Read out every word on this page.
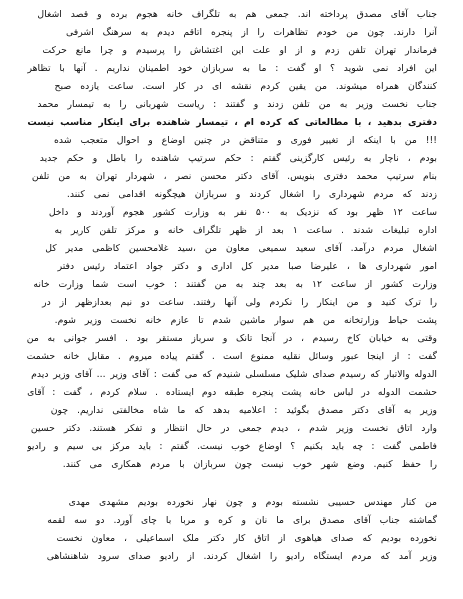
جناب آقای مصدق پرداخته اند. جمعی هم به تلگراف خانه هجوم برده و قصد اشغال
آنرا دارند. چون من خودم تظاهرات را از پنجره اتاقم دیدم به سرهنگ اشرفی
فرماندار تهران تلفن زدم و از او علت این اغتشاش را پرسیدم و چرا مانع حرکت
این افراد نمی شوید ؟ او گفت : ما به سربازان خود اطمینان نداریم . آنها با تظاهر
کنندگان همراه میشوند. من یقین کردم نقشه ای در کار است. ساعت یازده صبح
جناب نخست وزیر به من تلفن زدند و گفتند : ریاست شهربانی را به تیمسار محمد
دفتری بدهید ، با مطالعاتی که کرده ام ، تیمسار شاهنده برای اینکار مناسب نیست
!!! من با اینکه از تغییر فوری و متناقض در چنین اوضاع و احوال متعجب شده
بودم ، ناچار به رئیس کارگزینی گفتم : حکم سرتیپ شاهنده را باطل و حکم جدید
بنام سرتیپ محمد دفتری بنویس. آقای دکتر محسن نصر ، شهردار تهران به من تلفن
زدند که مردم شهرداری را اشغال کردند و سربازان هیچگونه اقدامی نمی کنند.
ساعت ۱۲ ظهر بود که نزدیک به ۵۰۰ نفر به وزارت کشور هجوم آوردند و داخل
اداره تبلیغات شدند . ساعت ۱ بعد از ظهر تلگراف خانه و مرکز تلفن کاریر به
اشغال مردم درآمد. آقای سعید سمیعی معاون من ،سید غلامحسین کاظمی مدیر کل
امور شهرداری ها ، علیرضا صبا مدیر کل اداری و دکتر جواد اعتماد رئیس دفتر
وزارت کشور از ساعت ۱۲ به بعد چند به من گفتند : خوب است شما وزارت خانه
را ترک کنید و من اینکار را نکردم ولی آنها رفتند. ساعت دو نیم بعدازظهر از در
پشت حیاط وزارتخانه من هم سوار ماشین شدم تا عازم خانه نخست وزیر شوم.
وقتی به خیابان کاخ رسیدم ، در آنجا تانک و سرباز مستقر بود . افسر جوانی به من
گفت : از اینجا عبور وسائل نقلیه ممنوع است . گفتم پیاده میروم . مقابل خانه حشمت
الدوله والاتبار که رسیدم صدای شلیک مسلسلی شنیدم که می گفت : آقای وزیر ... آقای وزیر دیدم
حشمت الدوله در لباس خانه پشت پنجره طبقه دوم ایستاده . سلام کردم ، گفت : آقای
وزیر به آقای دکتر مصدق بگوئید : اعلامیه بدهد که ما شاه مخالفتی نداریم. چون
وارد اتاق نخست وزیر شدم ، دیدم جمعی در حال انتظار و تفکر هستند. دکتر حسین
فاطمی گفت : چه باید بکنیم ؟ اوضاع خوب نیست. گفتم : باید مرکز بی سیم و رادیو
را حفظ کنیم. وضع شهر خوب نیست چون سربازان با مردم همکاری می کنند.
من کنار مهندس حسیبی نشسته بودم و چون نهار نخورده بودیم مشهدی مهدی
گماشته جناب آقای مصدق برای ما نان و کره و مربا با چای آورد. دو سه لقمه
نخورده بودیم که صدای هیاهوی از اتاق کار دکتر ملک اسماعیلی ، معاون نخست
وزیر آمد که مردم ایستگاه رادیو را اشغال کردند. از رادیو صدای سرود شاهنشاهی
